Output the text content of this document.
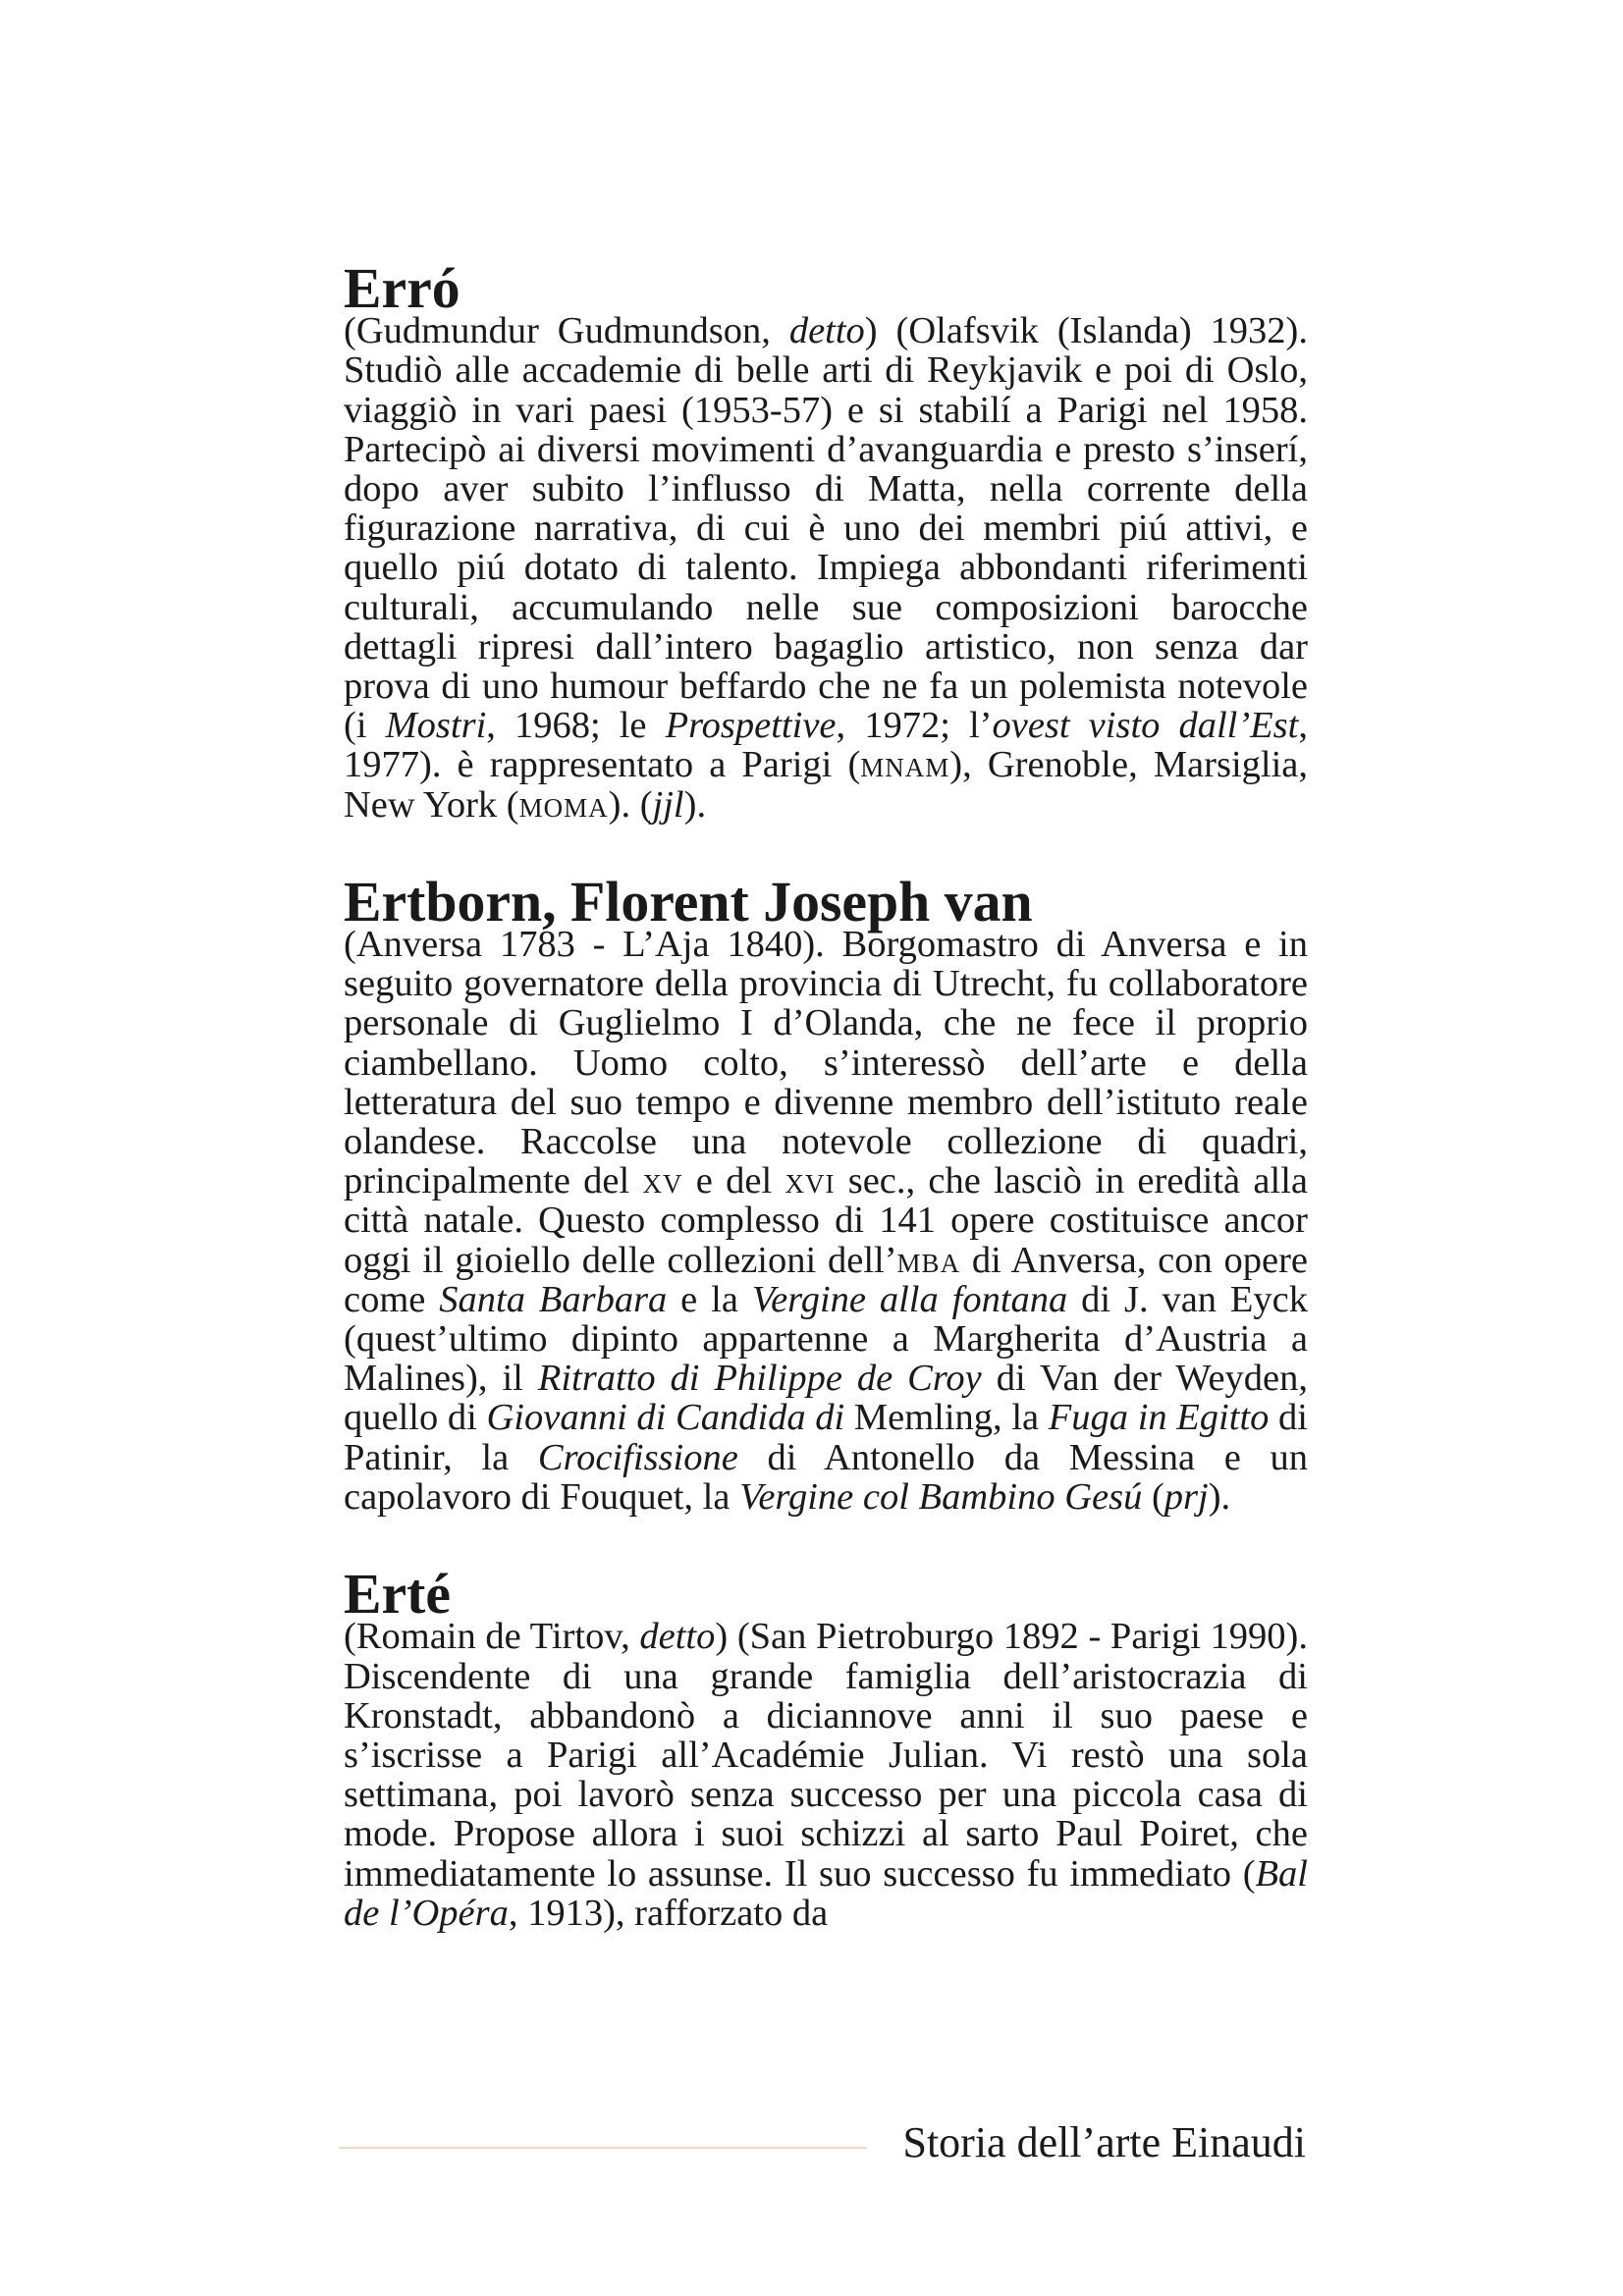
Erró

(Gudmundur Gudmundson, detto) (Olafsvik (Islanda) 1932). Studiò alle accademie di belle arti di Reykjavik e poi di Oslo, viaggiò in vari paesi (1953-57) e si stabilí a Parigi nel 1958. Partecipò ai diversi movimenti d’avanguardia e presto s’inserí, dopo aver subito l’influsso di Matta, nella corrente della figurazione narrativa, di cui è uno dei membri piú attivi, e quello piú dotato di talento. Impiega abbondanti riferimenti culturali, accumulando nelle sue composizioni barocche dettagli ripresi dall’intero bagaglio artistico, non senza dar prova di uno humour beffardo che ne fa un polemista notevole (i Mostri, 1968; le Prospettive, 1972; l’ovest visto dall’Est, 1977). è rappresentato a Parigi (mnam), Grenoble, Marsiglia, New York (moma). (jjl).

Ertborn, Florent Joseph van

(Anversa 1783 - L’Aja 1840). Borgomastro di Anversa e in seguito governatore della provincia di Utrecht, fu collaboratore personale di Guglielmo I d’Olanda, che ne fece il proprio ciambellano. Uomo colto, s’interessò dell’arte e della letteratura del suo tempo e divenne membro dell’istituto reale olandese. Raccolse una notevole collezione di quadri, principalmente del xv e del xvi sec., che lasciò in eredità alla città natale. Questo complesso di 141 opere costituisce ancor oggi il gioiello delle collezioni dell’mba di Anversa, con opere come Santa Barbara e la Vergine alla fontana di J. van Eyck (quest’ultimo dipinto appartenne a Margherita d’Austria a Malines), il Ritratto di Philippe de Croy di Van der Weyden, quello di Giovanni di Candida di Memling, la Fuga in Egitto di Patinir, la Crocifissione di Antonello da Messina e un capolavoro di Fouquet, la Vergine col Bambino Gesú (prj).

Erté

(Romain de Tirtov, detto) (San Pietroburgo 1892 - Parigi 1990). Discendente di una grande famiglia dell’aristocrazia di Kronstadt, abbandonò a diciannove anni il suo paese e s’iscrisse a Parigi all’Académie Julian. Vi restò una sola settimana, poi lavorò senza successo per una piccola casa di mode. Propose allora i suoi schizzi al sarto Paul Poiret, che immediatamente lo assunse. Il suo successo fu immediato (Bal de l’Opéra, 1913), rafforzato da

Storia dell’arte Einaudi
